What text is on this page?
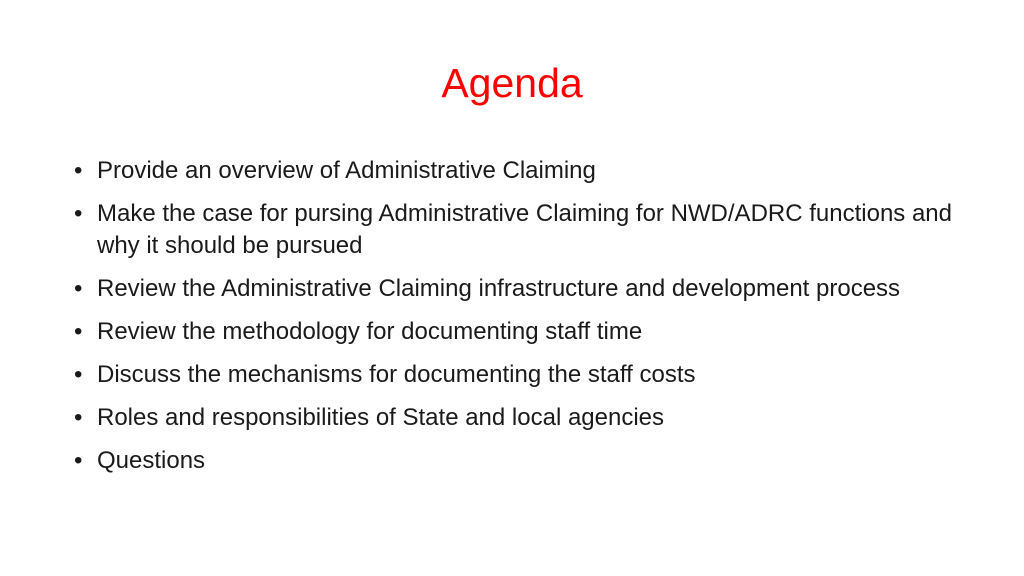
Agenda
• Provide an overview of Administrative Claiming
• Make the case for pursing Administrative Claiming for NWD/ADRC functions and why it should be pursued
• Review the Administrative Claiming infrastructure and development process
• Review the methodology for documenting staff time
• Discuss the mechanisms for documenting the staff costs
• Roles and responsibilities of State and local agencies
• Questions
